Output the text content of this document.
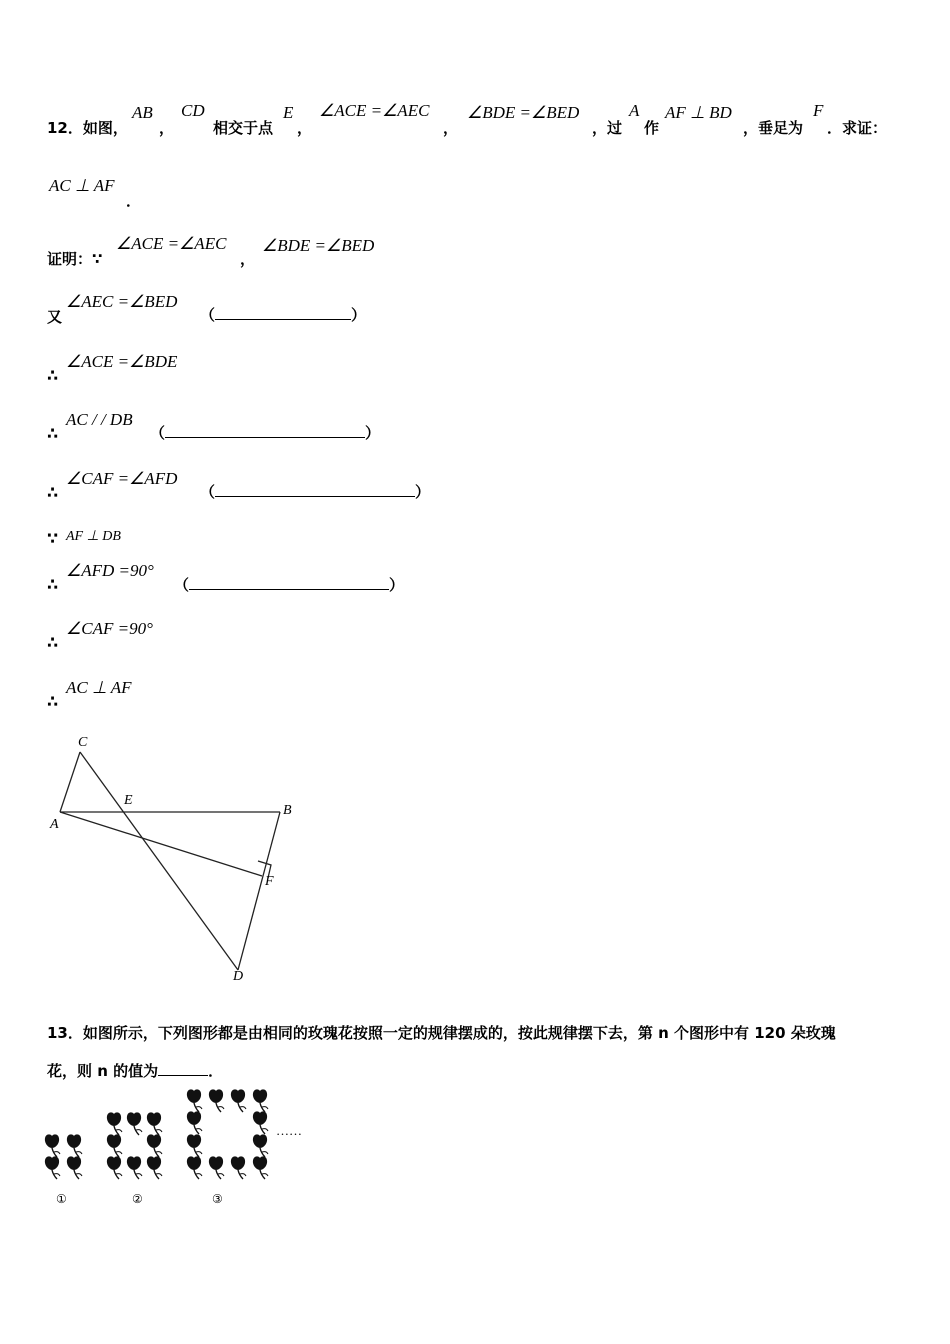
12．如图，
AB
，
CD
相交于点
E
，
∠ACE =∠AEC
，
∠BDE =∠BED
，过
A
作
AF ⊥ BD
，垂足为
F
．求证：
AC ⊥ AF
．
证明：∵
∠ACE =∠AEC
，
∠BDE =∠BED
又
∠AEC =∠BED
（	）
∴
∠ACE =∠BDE
∴
AC / / DB
（	）
∴
∠CAF =∠AFD
（	）
∵ AF ⊥ DB
∴
∠AFD =90°
（	）
∴
∠CAF =90°
∴
AC ⊥ AF
C
E
A
B
F
D
13．如图所示，下列图形都是由相同的玫瑰花按照一定的规律摆成的，按此规律摆下去，第 n 个图形中有 120 朵玫瑰
花，则 n 的值为	．
……
①	②	③
